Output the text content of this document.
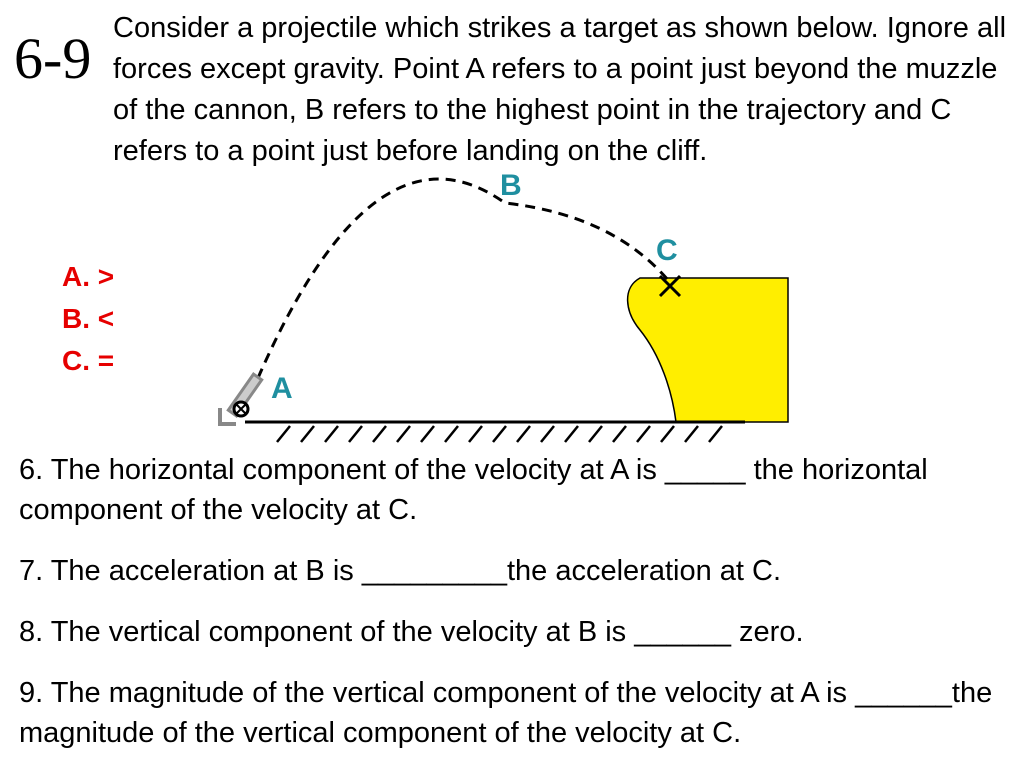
6-9 Consider a projectile which strikes a target as shown below. Ignore all forces except gravity. Point A refers to a point just beyond the muzzle of the cannon, B refers to the highest point in the trajectory and C refers to a point just before landing on the cliff.

A. >
B. <
C. =
A
B
C

6. The horizontal component of the velocity at A is _____ the horizontal component of the velocity at C.

7. The acceleration at B is _________the acceleration at C.

8. The vertical component of the velocity at B is ______ zero.

9. The magnitude of the vertical component of the velocity at A is ______the magnitude of the vertical component of the velocity at C.
